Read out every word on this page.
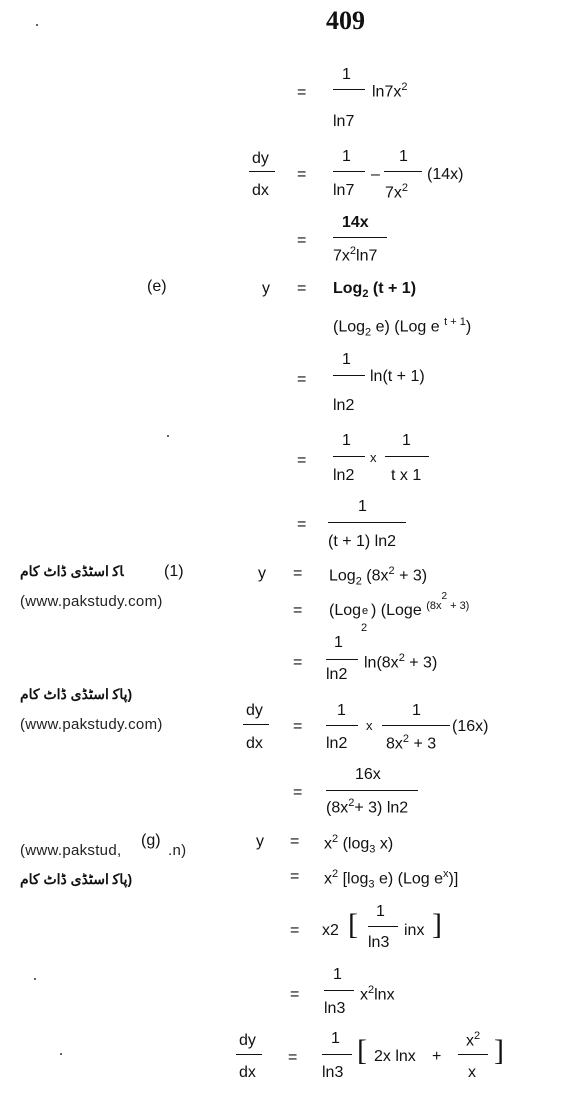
409
=
1
ln7
$\ln 7x^2$
dy
dx
=
1
ln7
–
1
$7x^2$
(14x)
=
14x
$7x^2\ln 7$
(e)	y = Log$_2$ (t + 1)
(Log$_2$ e) (Log e $^{t + 1}$)
=
1
ln2
ln(t + 1)
=
1
ln2
x
1
t x 1
=
1
(t + 1) ln2
ﺎﮐ ﺍﺳﭩﮉﯼ ﮈﺍﭦ ﮐﺎﻡ	(1)
(www.pakstudy.com)
y = Log$_2$ $(8x^2 + 3)$
= (Log e
2
) (Loge $^{(8x2 + 3)}$
=
1
ln2
$\ln(8x^2 + 3)$
(ﭘﺎﮐ ﺍﺳﭩﮉﯼ ﮈﺍﭦ ﮐﺎﻡ
(www.pakstudy.com)
dy
dx
=
1
ln2
x
1
$8x^2 + 3$
(16x)
=
16x
$(8x^2+ 3)$ ln2
(www.pakstud,
(g)
.n)
(ﭘﺎﮐ ﺍﺳﭩﮉﯼ ﮈﺍﭦ ﮐﺎﻡ
$y = x^2$ ($\log_3$ x)
= $x^2$ [$\log_3$ e) (Log $e^x$)]
= x2 [ 1
ln3
inx ]
=
1
ln3
$x^2\ln x$
dy
dx
=
1
ln3
[ 2x lnx +
$x^2$
x
]
